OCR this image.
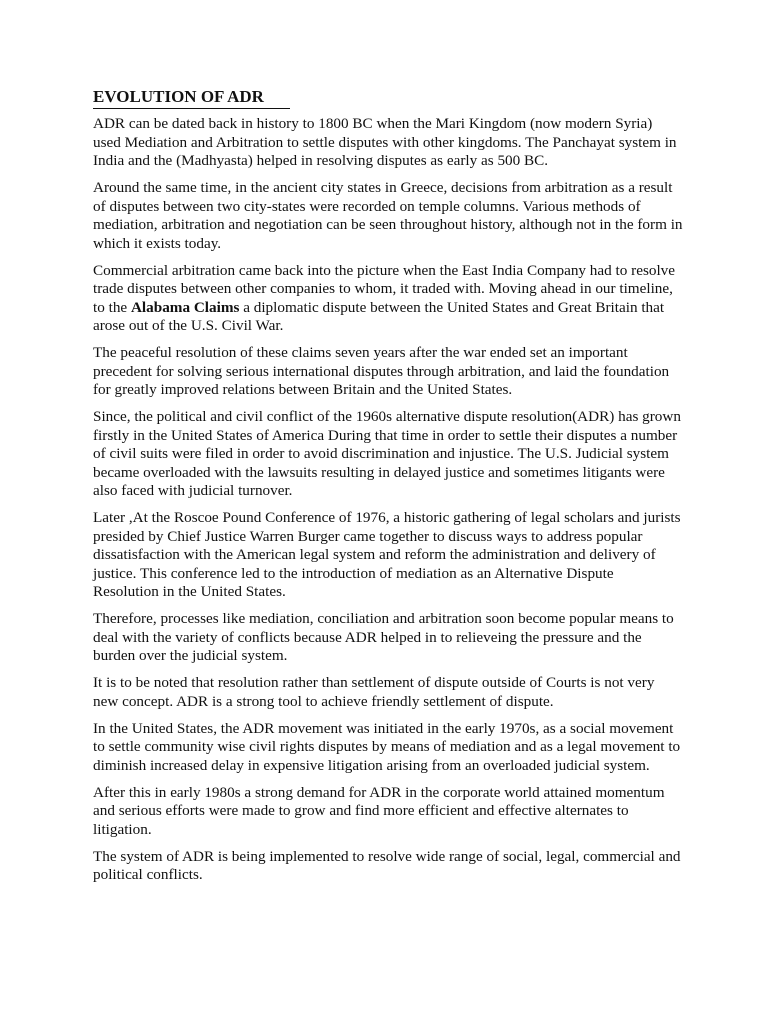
EVOLUTION OF ADR

ADR can be dated back in history to 1800 BC when the Mari Kingdom (now modern Syria) used Mediation and Arbitration to settle disputes with other kingdoms. The Panchayat system in India and the (Madhyasta) helped in resolving disputes as early as 500 BC.

Around the same time, in the ancient city states in Greece, decisions from arbitration as a result of disputes between two city-states were recorded on temple columns. Various methods of mediation, arbitration and negotiation can be seen throughout history, although not in the form in which it exists today.

Commercial arbitration came back into the picture when the East India Company had to resolve trade disputes between other companies to whom, it traded with. Moving ahead in our timeline, to the Alabama Claims a diplomatic dispute between the United States and Great Britain that arose out of the U.S. Civil War.

The peaceful resolution of these claims seven years after the war ended set an important precedent for solving serious international disputes through arbitration, and laid the foundation for greatly improved relations between Britain and the United States.

Since, the political and civil conflict of the 1960s alternative dispute resolution(ADR) has grown firstly in the United States of America During that time in order to settle their disputes a number of civil suits were filed in order to avoid discrimination and injustice. The U.S. Judicial system became overloaded with the lawsuits resulting in delayed justice and sometimes litigants were also faced with judicial turnover.

Later ,At the Roscoe Pound Conference of 1976, a historic gathering of legal scholars and jurists presided by Chief Justice Warren Burger came together to discuss ways to address popular dissatisfaction with the American legal system and reform the administration and delivery of justice. This conference led to the introduction of mediation as an Alternative Dispute Resolution in the United States.

Therefore, processes like mediation, conciliation and arbitration soon become popular means to deal with the variety of conflicts because ADR helped in to relieveing the pressure and the burden over the judicial system.

It is to be noted that resolution rather than settlement of dispute outside of Courts is not very new concept. ADR is a strong tool to achieve friendly settlement of dispute.

In the United States, the ADR movement was initiated in the early 1970s, as a social movement to settle community wise civil rights disputes by means of mediation and as a legal movement to diminish increased delay in expensive litigation arising from an overloaded judicial system.

After this in early 1980s a strong demand for ADR in the corporate world attained momentum and serious efforts were made to grow and find more efficient and effective alternates to litigation.

The system of ADR is being implemented to resolve wide range of social, legal, commercial and political conflicts.
